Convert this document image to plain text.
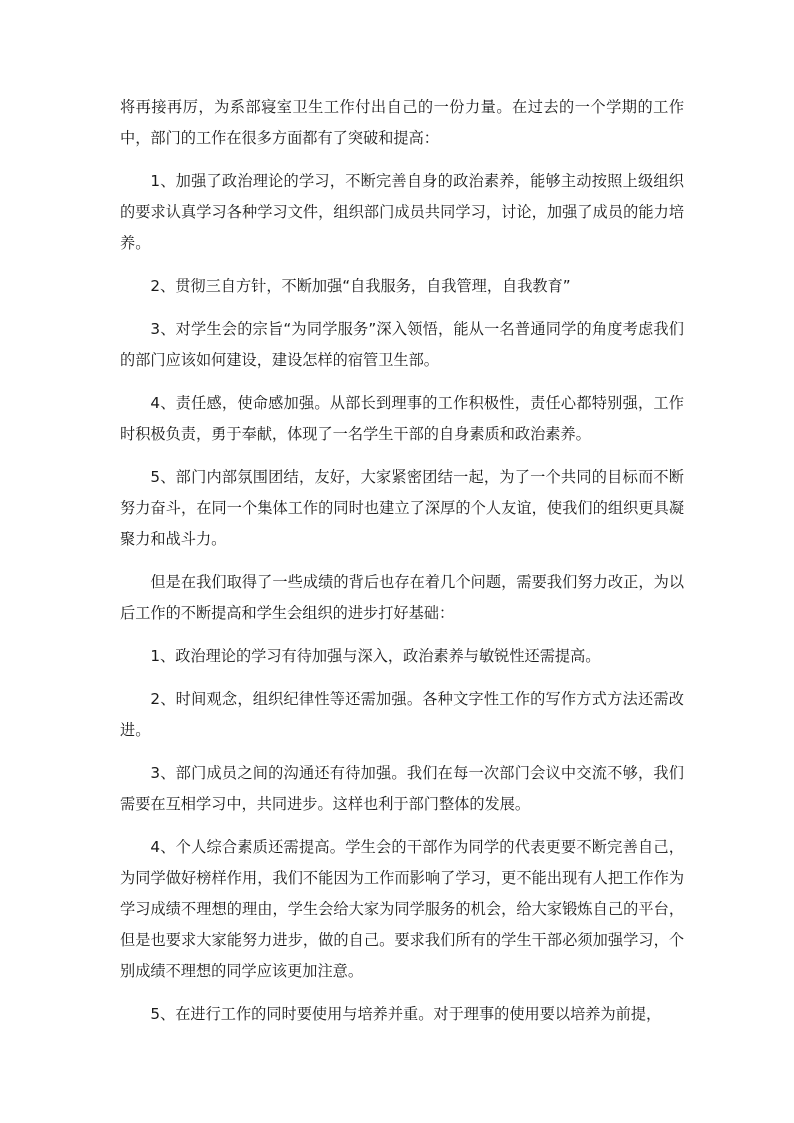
将再接再厉，为系部寝室卫生工作付出自己的一份力量。在过去的一个学期的工作中，部门的工作在很多方面都有了突破和提高：

1、加强了政治理论的学习，不断完善自身的政治素养，能够主动按照上级组织的要求认真学习各种学习文件，组织部门成员共同学习，讨论，加强了成员的能力培养。

2、贯彻三自方针，不断加强“自我服务，自我管理，自我教育”

3、对学生会的宗旨“为同学服务”深入领悟，能从一名普通同学的角度考虑我们的部门应该如何建设，建设怎样的宿管卫生部。

4、责任感，使命感加强。从部长到理事的工作积极性，责任心都特别强，工作时积极负责，勇于奉献，体现了一名学生干部的自身素质和政治素养。

5、部门内部氛围团结，友好，大家紧密团结一起，为了一个共同的目标而不断努力奋斗，在同一个集体工作的同时也建立了深厚的个人友谊，使我们的组织更具凝聚力和战斗力。

但是在我们取得了一些成绩的背后也存在着几个问题，需要我们努力改正，为以后工作的不断提高和学生会组织的进步打好基础：

1、政治理论的学习有待加强与深入，政治素养与敏锐性还需提高。

2、时间观念，组织纪律性等还需加强。各种文字性工作的写作方式方法还需改进。

3、部门成员之间的沟通还有待加强。我们在每一次部门会议中交流不够，我们需要在互相学习中，共同进步。这样也利于部门整体的发展。

4、个人综合素质还需提高。学生会的干部作为同学的代表更要不断完善自己，为同学做好榜样作用，我们不能因为工作而影响了学习，更不能出现有人把工作作为学习成绩不理想的理由，学生会给大家为同学服务的机会，给大家锻炼自己的平台，但是也要求大家能努力进步，做的自己。要求我们所有的学生干部必须加强学习，个别成绩不理想的同学应该更加注意。

5、在进行工作的同时要使用与培养并重。对于理事的使用要以培养为前提，
